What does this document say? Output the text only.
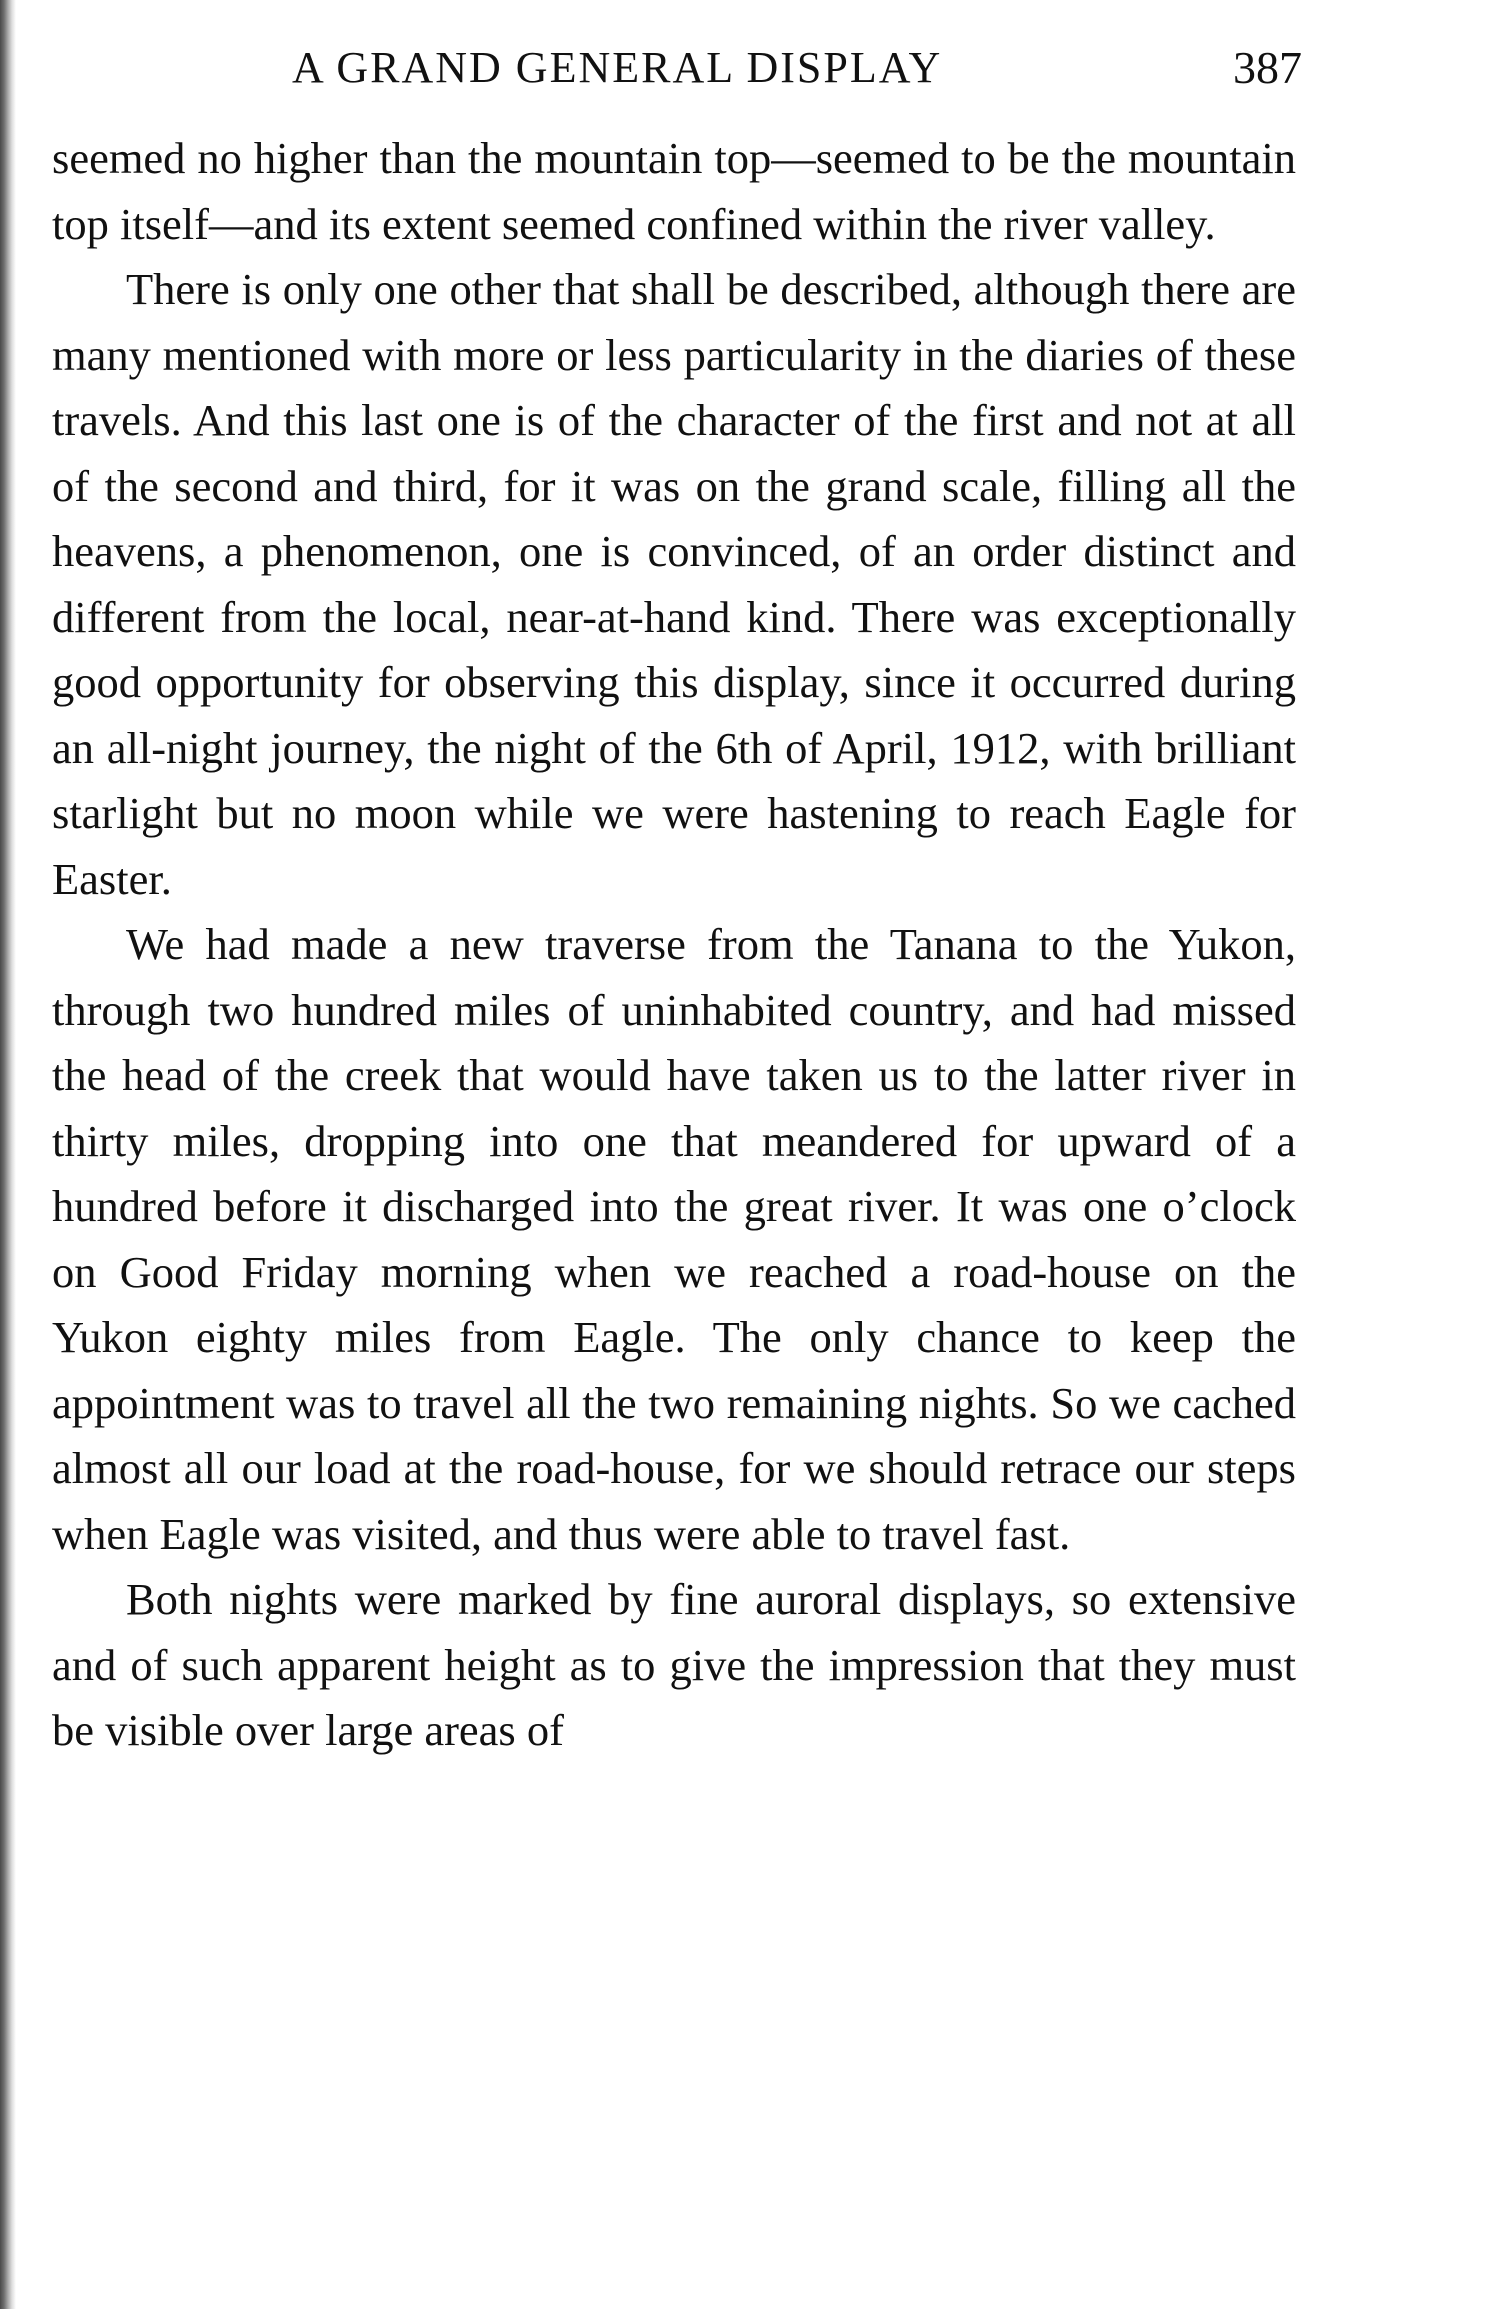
A GRAND GENERAL DISPLAY	387

seemed no higher than the mountain top—seemed to be the mountain top itself—and its extent seemed confined within the river valley.

There is only one other that shall be described, although there are many mentioned with more or less particularity in the diaries of these travels. And this last one is of the character of the first and not at all of the second and third, for it was on the grand scale, filling all the heavens, a phenomenon, one is convinced, of an order distinct and different from the local, near-at-hand kind. There was exceptionally good opportunity for observing this display, since it occurred during an all-night journey, the night of the 6th of April, 1912, with brilliant starlight but no moon while we were hastening to reach Eagle for Easter.

We had made a new traverse from the Tanana to the Yukon, through two hundred miles of uninhabited country, and had missed the head of the creek that would have taken us to the latter river in thirty miles, dropping into one that meandered for upward of a hundred before it discharged into the great river. It was one o’clock on Good Friday morning when we reached a road-house on the Yukon eighty miles from Eagle. The only chance to keep the appointment was to travel all the two remaining nights. So we cached almost all our load at the road-house, for we should retrace our steps when Eagle was visited, and thus were able to travel fast.

Both nights were marked by fine auroral displays, so extensive and of such apparent height as to give the impression that they must be visible over large areas of
